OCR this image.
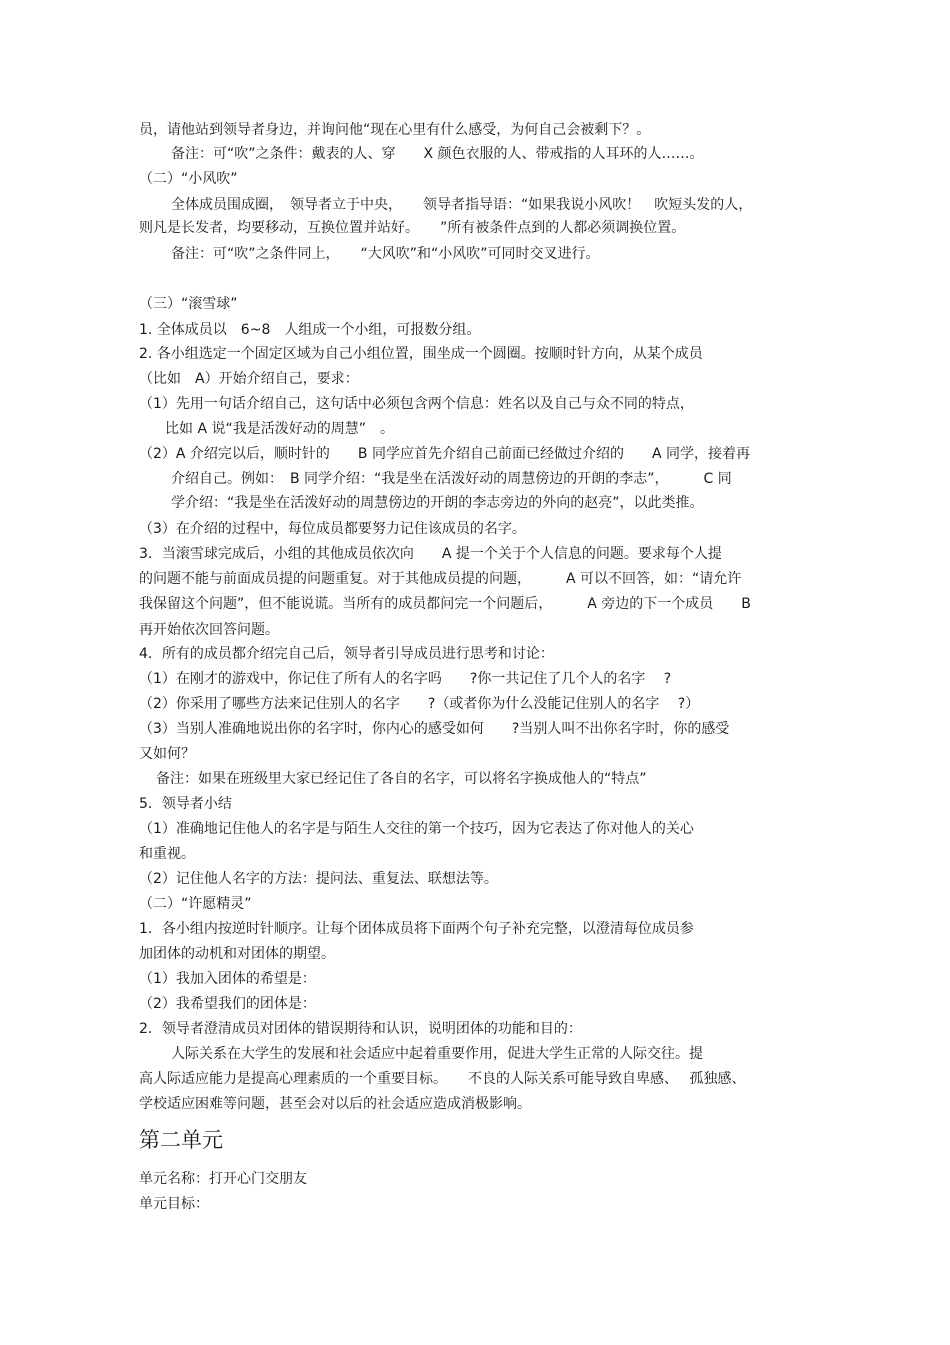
员，请他站到领导者身边，并询问他“现在心里有什么感受，为何自己会被剩下？。
备注：可“吹”之条件：戴表的人、穿　　X 颜色衣服的人、带戒指的人耳环的人……。
（二）“小风吹”
全体成员围成圈，　领导者立于中央，　　领导者指导语：“如果我说小风吹！　吹短头发的人，
则凡是长发者，均要移动，互换位置并站好。　　”所有被条件点到的人都必须调换位置。
备注：可“吹”之条件同上，　　“大风吹”和“小风吹”可同时交叉进行。
（三）“滚雪球”
1. 全体成员以　6~8　人组成一个小组，可报数分组。
2. 各小组选定一个固定区域为自己小组位置，围坐成一个圆圈。按顺时针方向，从某个成员
（比如　A）开始介绍自己，要求：
（1）先用一句话介绍自己，这句话中必须包含两个信息：姓名以及自己与众不同的特点，
比如 A 说“我是活泼好动的周慧”　。
（2）A 介绍完以后，顺时针的　　B 同学应首先介绍自己前面已经做过介绍的　　A 同学，接着再
介绍自己。例如：　B 同学介绍：“我是坐在活泼好动的周慧傍边的开朗的李志”，　　　C 同
学介绍：“我是坐在活泼好动的周慧傍边的开朗的李志旁边的外向的赵亮”，以此类推。
（3）在介绍的过程中，每位成员都要努力记住该成员的名字。
3．当滚雪球完成后，小组的其他成员依次向　　A 提一个关于个人信息的问题。要求每个人提
的问题不能与前面成员提的问题重复。对于其他成员提的问题，　　　A 可以不回答，如：“请允许
我保留这个问题”，但不能说谎。当所有的成员都问完一个问题后，　　　A 旁边的下一个成员　　B
再开始依次回答问题。
4．所有的成员都介绍完自己后，领导者引导成员进行思考和讨论：
（1）在刚才的游戏中，你记住了所有人的名字吗　　?你一共记住了几个人的名字　 ?
（2）你采用了哪些方法来记住别人的名字　　?（或者你为什么没能记住别人的名字　 ?）
（3）当别人准确地说出你的名字时，你内心的感受如何　　?当别人叫不出你名字时，你的感受
又如何？
备注：如果在班级里大家已经记住了各自的名字，可以将名字换成他人的“特点”
5．领导者小结
（1）准确地记住他人的名字是与陌生人交往的第一个技巧，因为它表达了你对他人的关心
和重视。
（2）记住他人名字的方法：提问法、重复法、联想法等。
（二）“许愿精灵”
1．各小组内按逆时针顺序。让每个团体成员将下面两个句子补充完整，以澄清每位成员参
加团体的动机和对团体的期望。
（1）我加入团体的希望是：
（2）我希望我们的团体是：
2．领导者澄清成员对团体的错误期待和认识，说明团体的功能和目的：
人际关系在大学生的发展和社会适应中起着重要作用，促进大学生正常的人际交往。提
高人际适应能力是提高心理素质的一个重要目标。　　不良的人际关系可能导致自卑感、　 孤独感、
学校适应困难等问题，甚至会对以后的社会适应造成消极影响。
第二单元
单元名称：打开心门交朋友
单元目标：
